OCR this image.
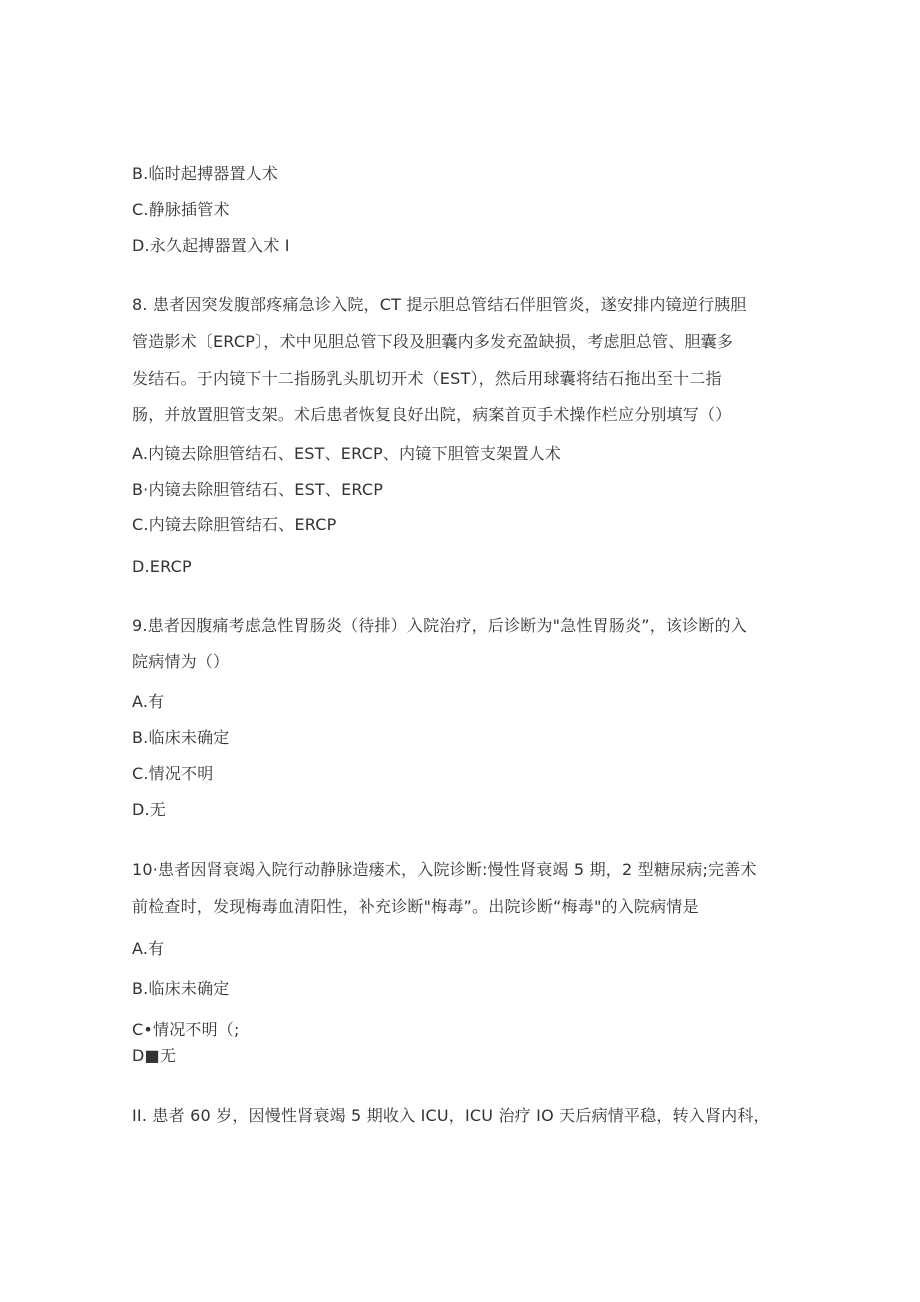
B.临时起搏器置人术
C.静脉插管术
D.永久起搏器置入术 I
8. 患者因突发腹部疼痛急诊入院，CT 提示胆总管结石伴胆管炎，遂安排内镜逆行胰胆
管造影术〔ERCP〕，术中见胆总管下段及胆囊内多发充盈缺损，考虑胆总管、胆囊多
发结石。于内镜下十二指肠乳头肌切开术（EST），然后用球囊将结石拖出至十二指
肠，并放置胆管支架。术后患者恢复良好出院，病案首页手术操作栏应分别填写（）
A.内镜去除胆管结石、EST、ERCP、内镜下胆管支架置人术
B·内镜去除胆管结石、EST、ERCP
C.内镜去除胆管结石、ERCP
D.ERCP
9.患者因腹痛考虑急性胃肠炎（待排）入院治疗，后诊断为"急性胃肠炎”，该诊断的入
院病情为（）
A.有
B.临床未确定
C.情况不明
D.无
10·患者因肾衰竭入院行动静脉造瘘术，入院诊断:慢性肾衰竭 5 期，2 型糖尿病;完善术
前检查时，发现梅毒血清阳性，补充诊断"梅毒”。出院诊断“梅毒"的入院病情是
A.有
B.临床未确定
C•情况不明（;
D■无
II. 患者 60 岁，因慢性肾衰竭 5 期收入 ICU，ICU 治疗 IO 天后病情平稳，转入肾内科，
